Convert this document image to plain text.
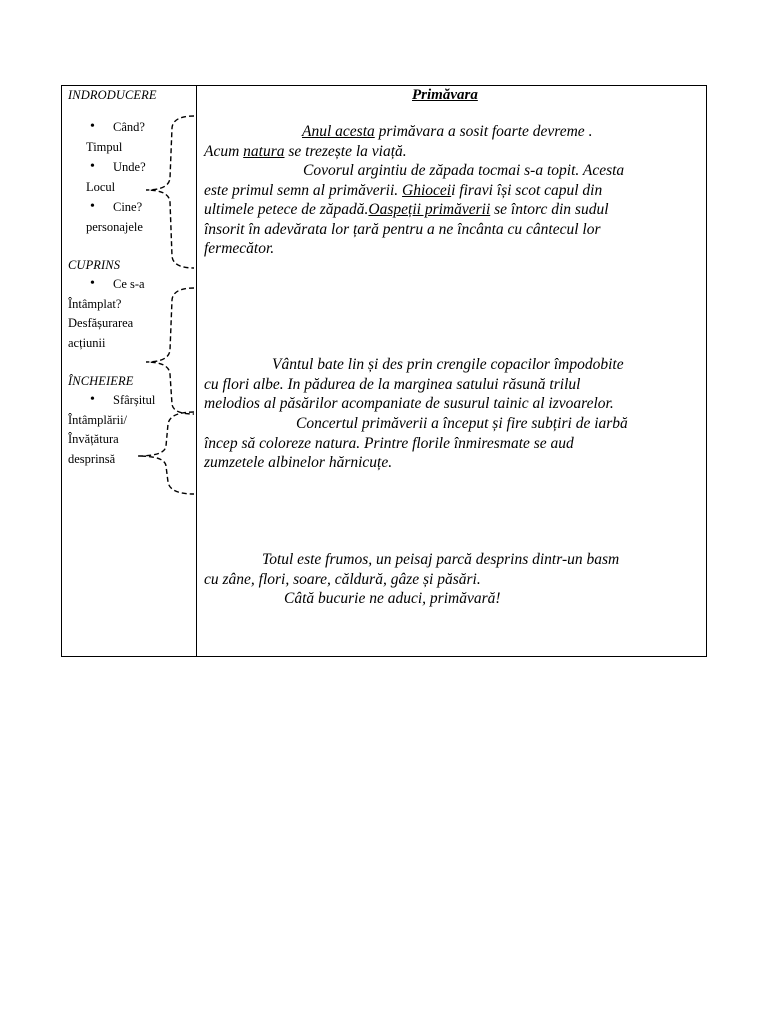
INDRODUCERE
• Când?
Timpul
• Unde?
Locul
• Cine?
personajele
CUPRINS
• Ce s-a
Întâmplat?
Desfășurarea
acțiunii
ÎNCHEIERE
• Sfârșitul
Întâmplării/
Învățătura
desprinsă
Primăvara
Anul acesta primăvara a sosit foarte devreme .
Acum natura se trezește la viață.
Covorul argintiu de zăpada tocmai s-a topit. Acesta
este primul semn al primăverii. Ghioceii firavi își scot capul din
ultimele petece de zăpadă.Oaspeții primăverii se întorc din sudul
însorit în adevărata lor țară pentru a ne încânta cu cântecul lor
fermecător.
Vântul bate lin și des prin crengile copacilor împodobite
cu flori albe. In pădurea de la marginea satului răsună trilul
melodios al păsărilor acompaniate de susurul tainic al izvoarelor.
Concertul primăverii a început și fire subțiri de iarbă
încep să coloreze natura. Printre florile înmiresmate se aud
zumzetele albinelor hărnicuțe.
Totul este frumos, un peisaj parcă desprins dintr-un basm
cu zâne, flori, soare, căldură, gâze și păsări.
Câtă bucurie ne aduci, primăvară!
